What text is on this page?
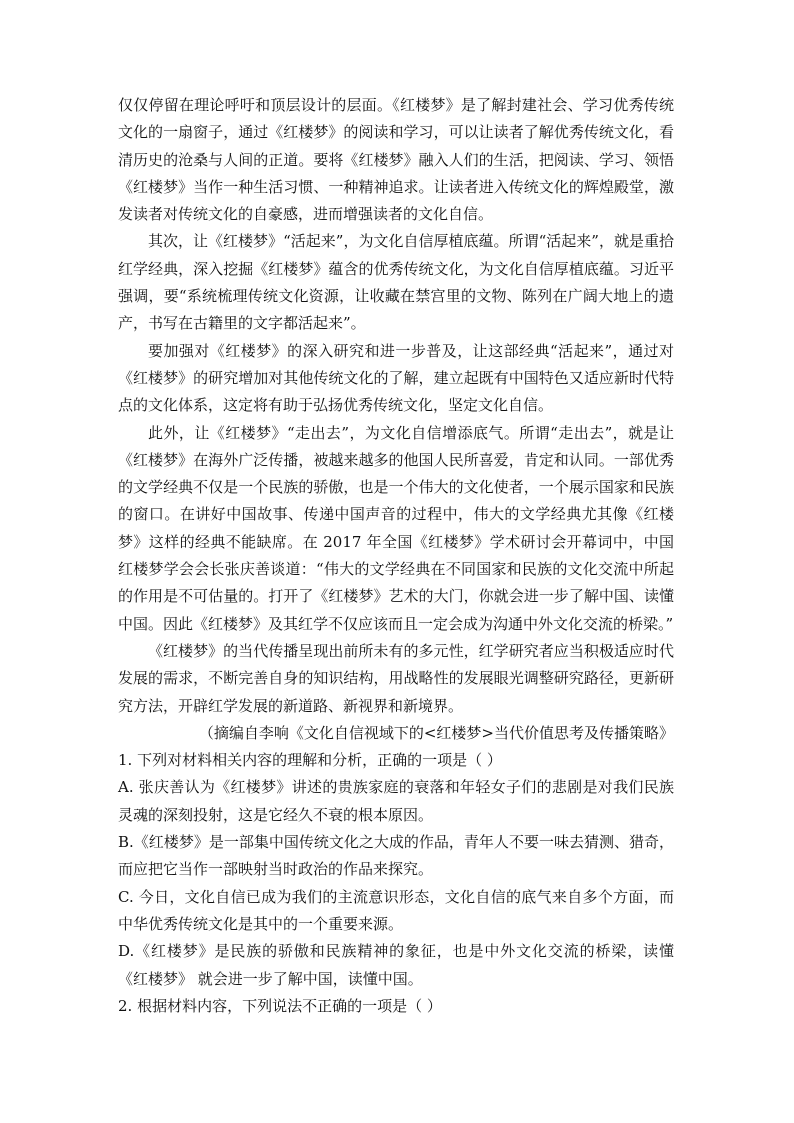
仅仅停留在理论呼吁和顶层设计的层面。《红楼梦》是了解封建社会、学习优秀传统文化的一扇窗子，通过《红楼梦》的阅读和学习，可以让读者了解优秀传统文化，看清历史的沧桑与人间的正道。要将《红楼梦》融入人们的生活，把阅读、学习、领悟《红楼梦》当作一种生活习惯、一种精神追求。让读者进入传统文化的辉煌殿堂，激发读者对传统文化的自豪感，进而增强读者的文化自信。

其次，让《红楼梦》“活起来”，为文化自信厚植底蕴。所谓“活起来”，就是重拾红学经典，深入挖掘《红楼梦》蕴含的优秀传统文化，为文化自信厚植底蕴。习近平强调，要“系统梳理传统文化资源，让收藏在禁宫里的文物、陈列在广阔大地上的遗产，书写在古籍里的文字都活起来”。

要加强对《红楼梦》的深入研究和进一步普及，让这部经典“活起来”，通过对《红楼梦》的研究增加对其他传统文化的了解，建立起既有中国特色又适应新时代特点的文化体系，这定将有助于弘扬优秀传统文化，坚定文化自信。

此外，让《红楼梦》“走出去”，为文化自信增添底气。所谓“走出去”，就是让《红楼梦》在海外广泛传播，被越来越多的他国人民所喜爱，肯定和认同。一部优秀的文学经典不仅是一个民族的骄傲，也是一个伟大的文化使者，一个展示国家和民族的窗口。在讲好中国故事、传递中国声音的过程中，伟大的文学经典尤其像《红楼梦》这样的经典不能缺席。在 2017 年全国《红楼梦》学术研讨会开幕词中，中国红楼梦学会会长张庆善谈道：“伟大的文学经典在不同国家和民族的文化交流中所起的作用是不可估量的。打开了《红楼梦》艺术的大门，你就会进一步了解中国、读懂中国。因此《红楼梦》及其红学不仅应该而且一定会成为沟通中外文化交流的桥梁。”

《红楼梦》的当代传播呈现出前所未有的多元性，红学研究者应当积极适应时代发展的需求，不断完善自身的知识结构，用战略性的发展眼光调整研究路径，更新研究方法，开辟红学发展的新道路、新视界和新境界。

（摘编自李响《文化自信视域下的<红楼梦>当代价值思考及传播策略》

1. 下列对材料相关内容的理解和分析，正确的一项是（ ）

A. 张庆善认为《红楼梦》讲述的贵族家庭的衰落和年轻女子们的悲剧是对我们民族灵魂的深刻投射，这是它经久不衰的根本原因。

B.《红楼梦》是一部集中国传统文化之大成的作品，青年人不要一味去猜测、猎奇，而应把它当作一部映射当时政治的作品来探究。

C. 今日，文化自信已成为我们的主流意识形态，文化自信的底气来自多个方面，而中华优秀传统文化是其中的一个重要来源。

D.《红楼梦》是民族的骄傲和民族精神的象征，也是中外文化交流的桥梁，读懂《红楼梦》 就会进一步了解中国，读懂中国。

2. 根据材料内容，下列说法不正确的一项是（ ）
